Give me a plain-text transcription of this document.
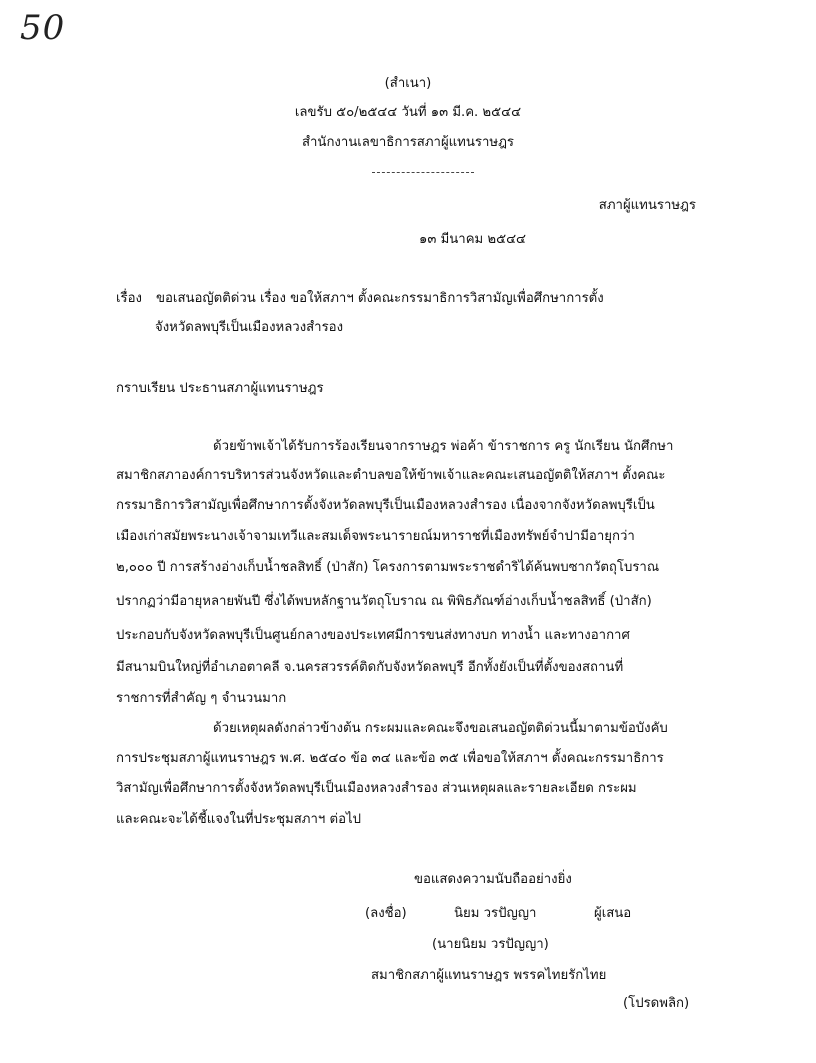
50
(สำเนา)
เลขรับ ๕๐/๒๕๔๔ วันที่ ๑๓ มี.ค. ๒๕๔๔
สำนักงานเลขาธิการสภาผู้แทนราษฎร
สภาผู้แทนราษฎร
๑๓ มีนาคม ๒๕๔๔
เรื่อง ขอเสนอญัตติด่วน เรื่อง ขอให้สภาฯ ตั้งคณะกรรมาธิการวิสามัญเพื่อศึกษาการตั้ง
จังหวัดลพบุรีเป็นเมืองหลวงสำรอง
กราบเรียน ประธานสภาผู้แทนราษฎร
ด้วยข้าพเจ้าได้รับการร้องเรียนจากราษฎร พ่อค้า ข้าราชการ ครู นักเรียน นักศึกษา
สมาชิกสภาองค์การบริหารส่วนจังหวัดและตำบลขอให้ข้าพเจ้าและคณะเสนอญัตติให้สภาฯ ตั้งคณะ
กรรมาธิการวิสามัญเพื่อศึกษาการตั้งจังหวัดลพบุรีเป็นเมืองหลวงสำรอง เนื่องจากจังหวัดลพบุรีเป็น
เมืองเก่าสมัยพระนางเจ้าจามเทวีและสมเด็จพระนารายณ์มหาราชที่เมืองทรัพย์จำปามีอายุกว่า
๒,๐๐๐ ปี การสร้างอ่างเก็บน้ำชลสิทธิ์ (ป่าสัก) โครงการตามพระราชดำริได้ค้นพบซากวัตถุโบราณ
ปรากฏว่ามีอายุหลายพันปี ซึ่งได้พบหลักฐานวัตถุโบราณ ณ พิพิธภัณฑ์อ่างเก็บน้ำชลสิทธิ์ (ป่าสัก)
ประกอบกับจังหวัดลพบุรีเป็นศูนย์กลางของประเทศมีการขนส่งทางบก ทางน้ำ และทางอากาศ
มีสนามบินใหญ่ที่อำเภอตาคลี จ.นครสวรรค์ติดกับจังหวัดลพบุรี อีกทั้งยังเป็นที่ตั้งของสถานที่
ราชการที่สำคัญ ๆ จำนวนมาก
ด้วยเหตุผลดังกล่าวข้างต้น กระผมและคณะจึงขอเสนอญัตติด่วนนี้มาตามข้อบังคับ
การประชุมสภาผู้แทนราษฎร พ.ศ. ๒๕๔๐ ข้อ ๓๔ และข้อ ๓๕ เพื่อขอให้สภาฯ ตั้งคณะกรรมาธิการ
วิสามัญเพื่อศึกษาการตั้งจังหวัดลพบุรีเป็นเมืองหลวงสำรอง ส่วนเหตุผลและรายละเอียด กระผม
และคณะจะได้ชี้แจงในที่ประชุมสภาฯ ต่อไป
ขอแสดงความนับถืออย่างยิ่ง
(ลงชื่อ)	นิยม วรปัญญา	ผู้เสนอ
(นายนิยม วรปัญญา)
สมาชิกสภาผู้แทนราษฎร พรรคไทยรักไทย
(โปรดพลิก)
